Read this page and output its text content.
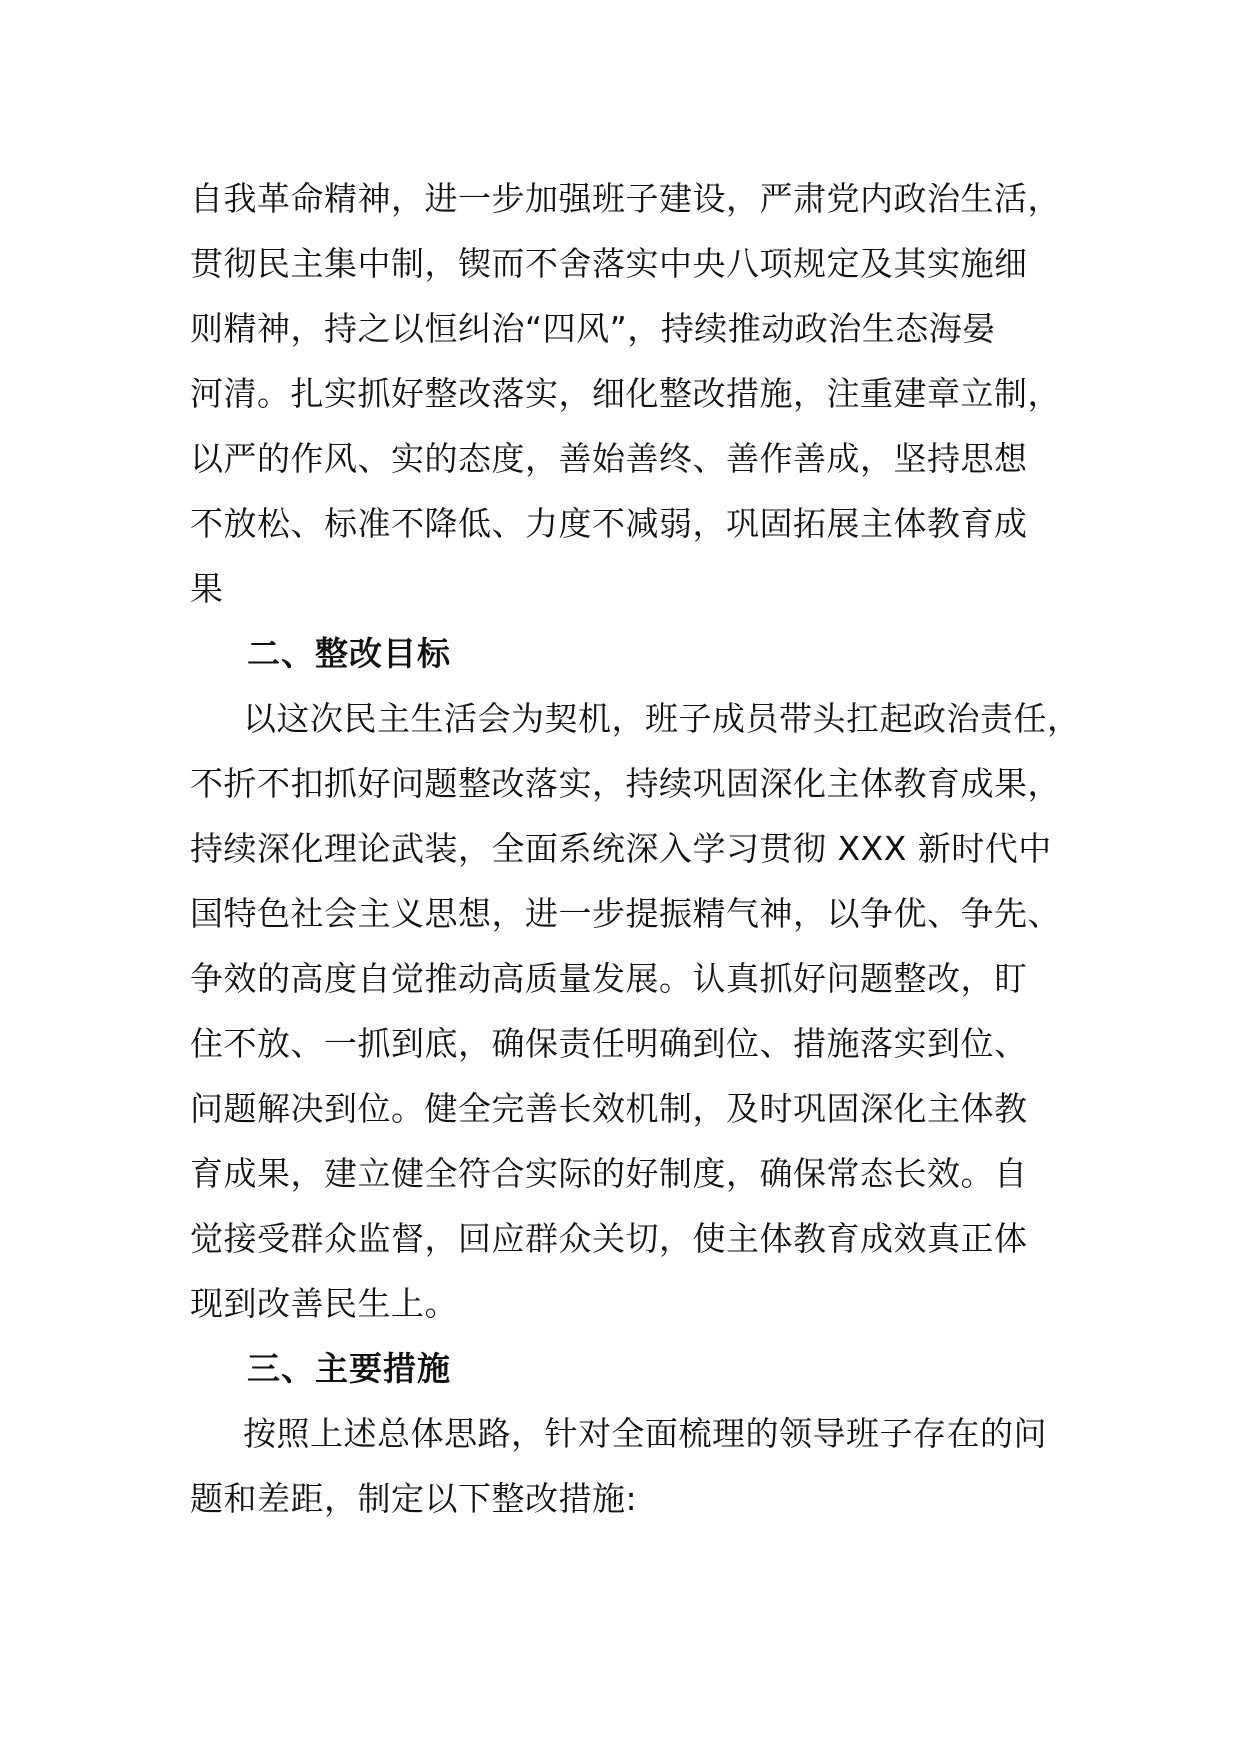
自我革命精神，进一步加强班子建设，严肃党内政治生活，
贯彻民主集中制，锲而不舍落实中央八项规定及其实施细
则精神，持之以恒纠治“四风”，持续推动政治生态海晏
河清。扎实抓好整改落实，细化整改措施，注重建章立制，
以严的作风、实的态度，善始善终、善作善成，坚持思想
不放松、标准不降低、力度不减弱，巩固拓展主体教育成
果
二、整改目标
以这次民主生活会为契机，班子成员带头扛起政治责任，
不折不扣抓好问题整改落实，持续巩固深化主体教育成果，
持续深化理论武装，全面系统深入学习贯彻 XXX 新时代中
国特色社会主义思想，进一步提振精气神，以争优、争先、
争效的高度自觉推动高质量发展。认真抓好问题整改，盯
住不放、一抓到底，确保责任明确到位、措施落实到位、
问题解决到位。健全完善长效机制，及时巩固深化主体教
育成果，建立健全符合实际的好制度，确保常态长效。自
觉接受群众监督，回应群众关切，使主体教育成效真正体
现到改善民生上。
三、主要措施
按照上述总体思路，针对全面梳理的领导班子存在的问
题和差距，制定以下整改措施:
